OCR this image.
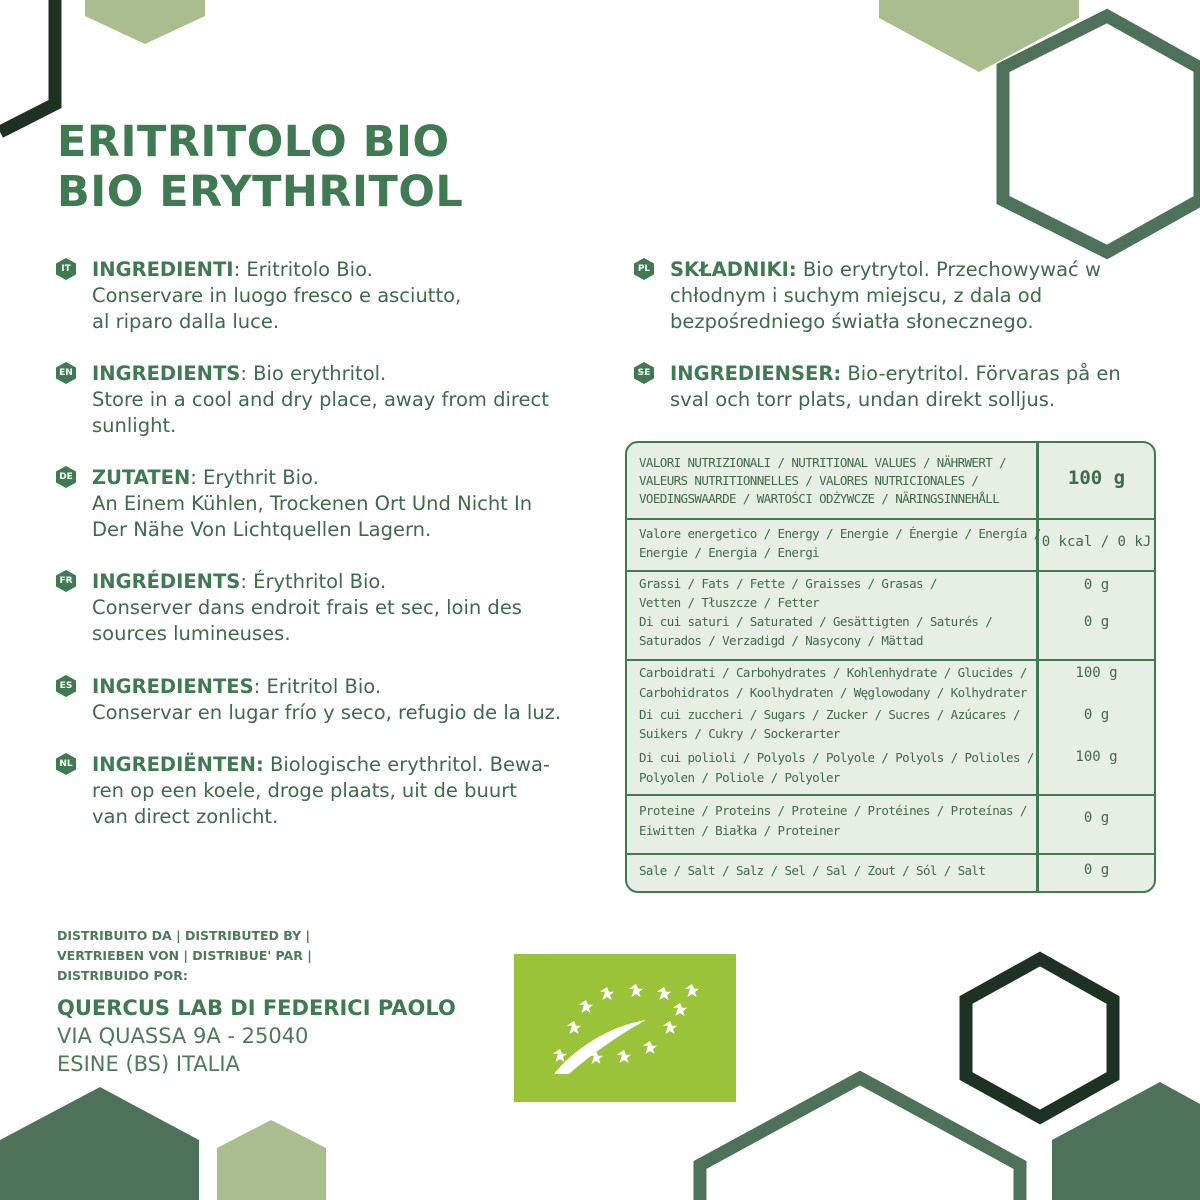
ERITRITOLO BIO
BIO ERYTHRITOL
IT	INGREDIENTI: Eritritolo Bio.
Conservare in luogo fresco e asciutto,
al riparo dalla luce.
EN INGREDIENTS: Bio erythritol.
Store in a cool and dry place, away from direct
sunlight.
DE ZUTATEN: Erythrit Bio.
An Einem Kühlen, Trockenen Ort Und Nicht In
Der Nähe Von Lichtquellen Lagern.
FR INGRÉDIENTS: Érythritol Bio.
Conserver dans endroit frais et sec, loin des
sources lumineuses.
ES INGREDIENTES: Eritritol Bio.
Conservar en lugar frío y seco, refugio de la luz.
NL INGREDIËNTEN: Biologische erythritol. Bewa-
ren op een koele, droge plaats, uit de buurt
van direct zonlicht.
PL SKŁADNIKI: Bio erytrytol. Przechowywać w
chłodnym i suchym miejscu, z dala od
bezpośredniego światła słonecznego.
SE INGREDIENSER: Bio-erytritol. Förvaras på en
sval och torr plats, undan direkt solljus.
VALORI NUTRIZIONALI / NUTRITIONAL VALUES / NÄHRWERT /
VALEURS NUTRITIONNELLES / VALORES NUTRICIONALES /
VOEDINGSWAARDE / WARTOŚCI ODŻYWCZE / NÄRINGSINNEHÅLL
100 g
Valore energetico / Energy / Energie / Énergie / Energía /
Energie / Energia / Energi
0 kcal / 0 kJ
Grassi / Fats / Fette / Graisses / Grasas /
Vetten / Tłuszcze / Fetter
0 g
Di cui saturi / Saturated / Gesättigten / Saturés /
Saturados / Verzadigd / Nasycony / Mättad
0 g
Carboidrati / Carbohydrates / Kohlenhydrate / Glucides /
Carbohidratos / Koolhydraten / Węglowodany / Kolhydrater
100 g
Di cui zuccheri / Sugars / Zucker / Sucres / Azúcares /
Suikers / Cukry / Sockerarter
0 g
Di cui polioli / Polyols / Polyole / Polyols / Polioles /
Polyolen / Poliole / Polyoler
100 g
Proteine / Proteins / Proteine / Protéines / Proteínas /
Eiwitten / Białka / Proteiner
0 g
Sale / Salt / Salz / Sel / Sal / Zout / Sól / Salt	0 g
DISTRIBUITO DA | DISTRIBUTED BY |
VERTRIEBEN VON | DISTRIBUE' PAR |
DISTRIBUIDO POR:
QUERCUS LAB DI FEDERICI PAOLO
VIA QUASSA 9A - 25040
ESINE (BS) ITALIA
